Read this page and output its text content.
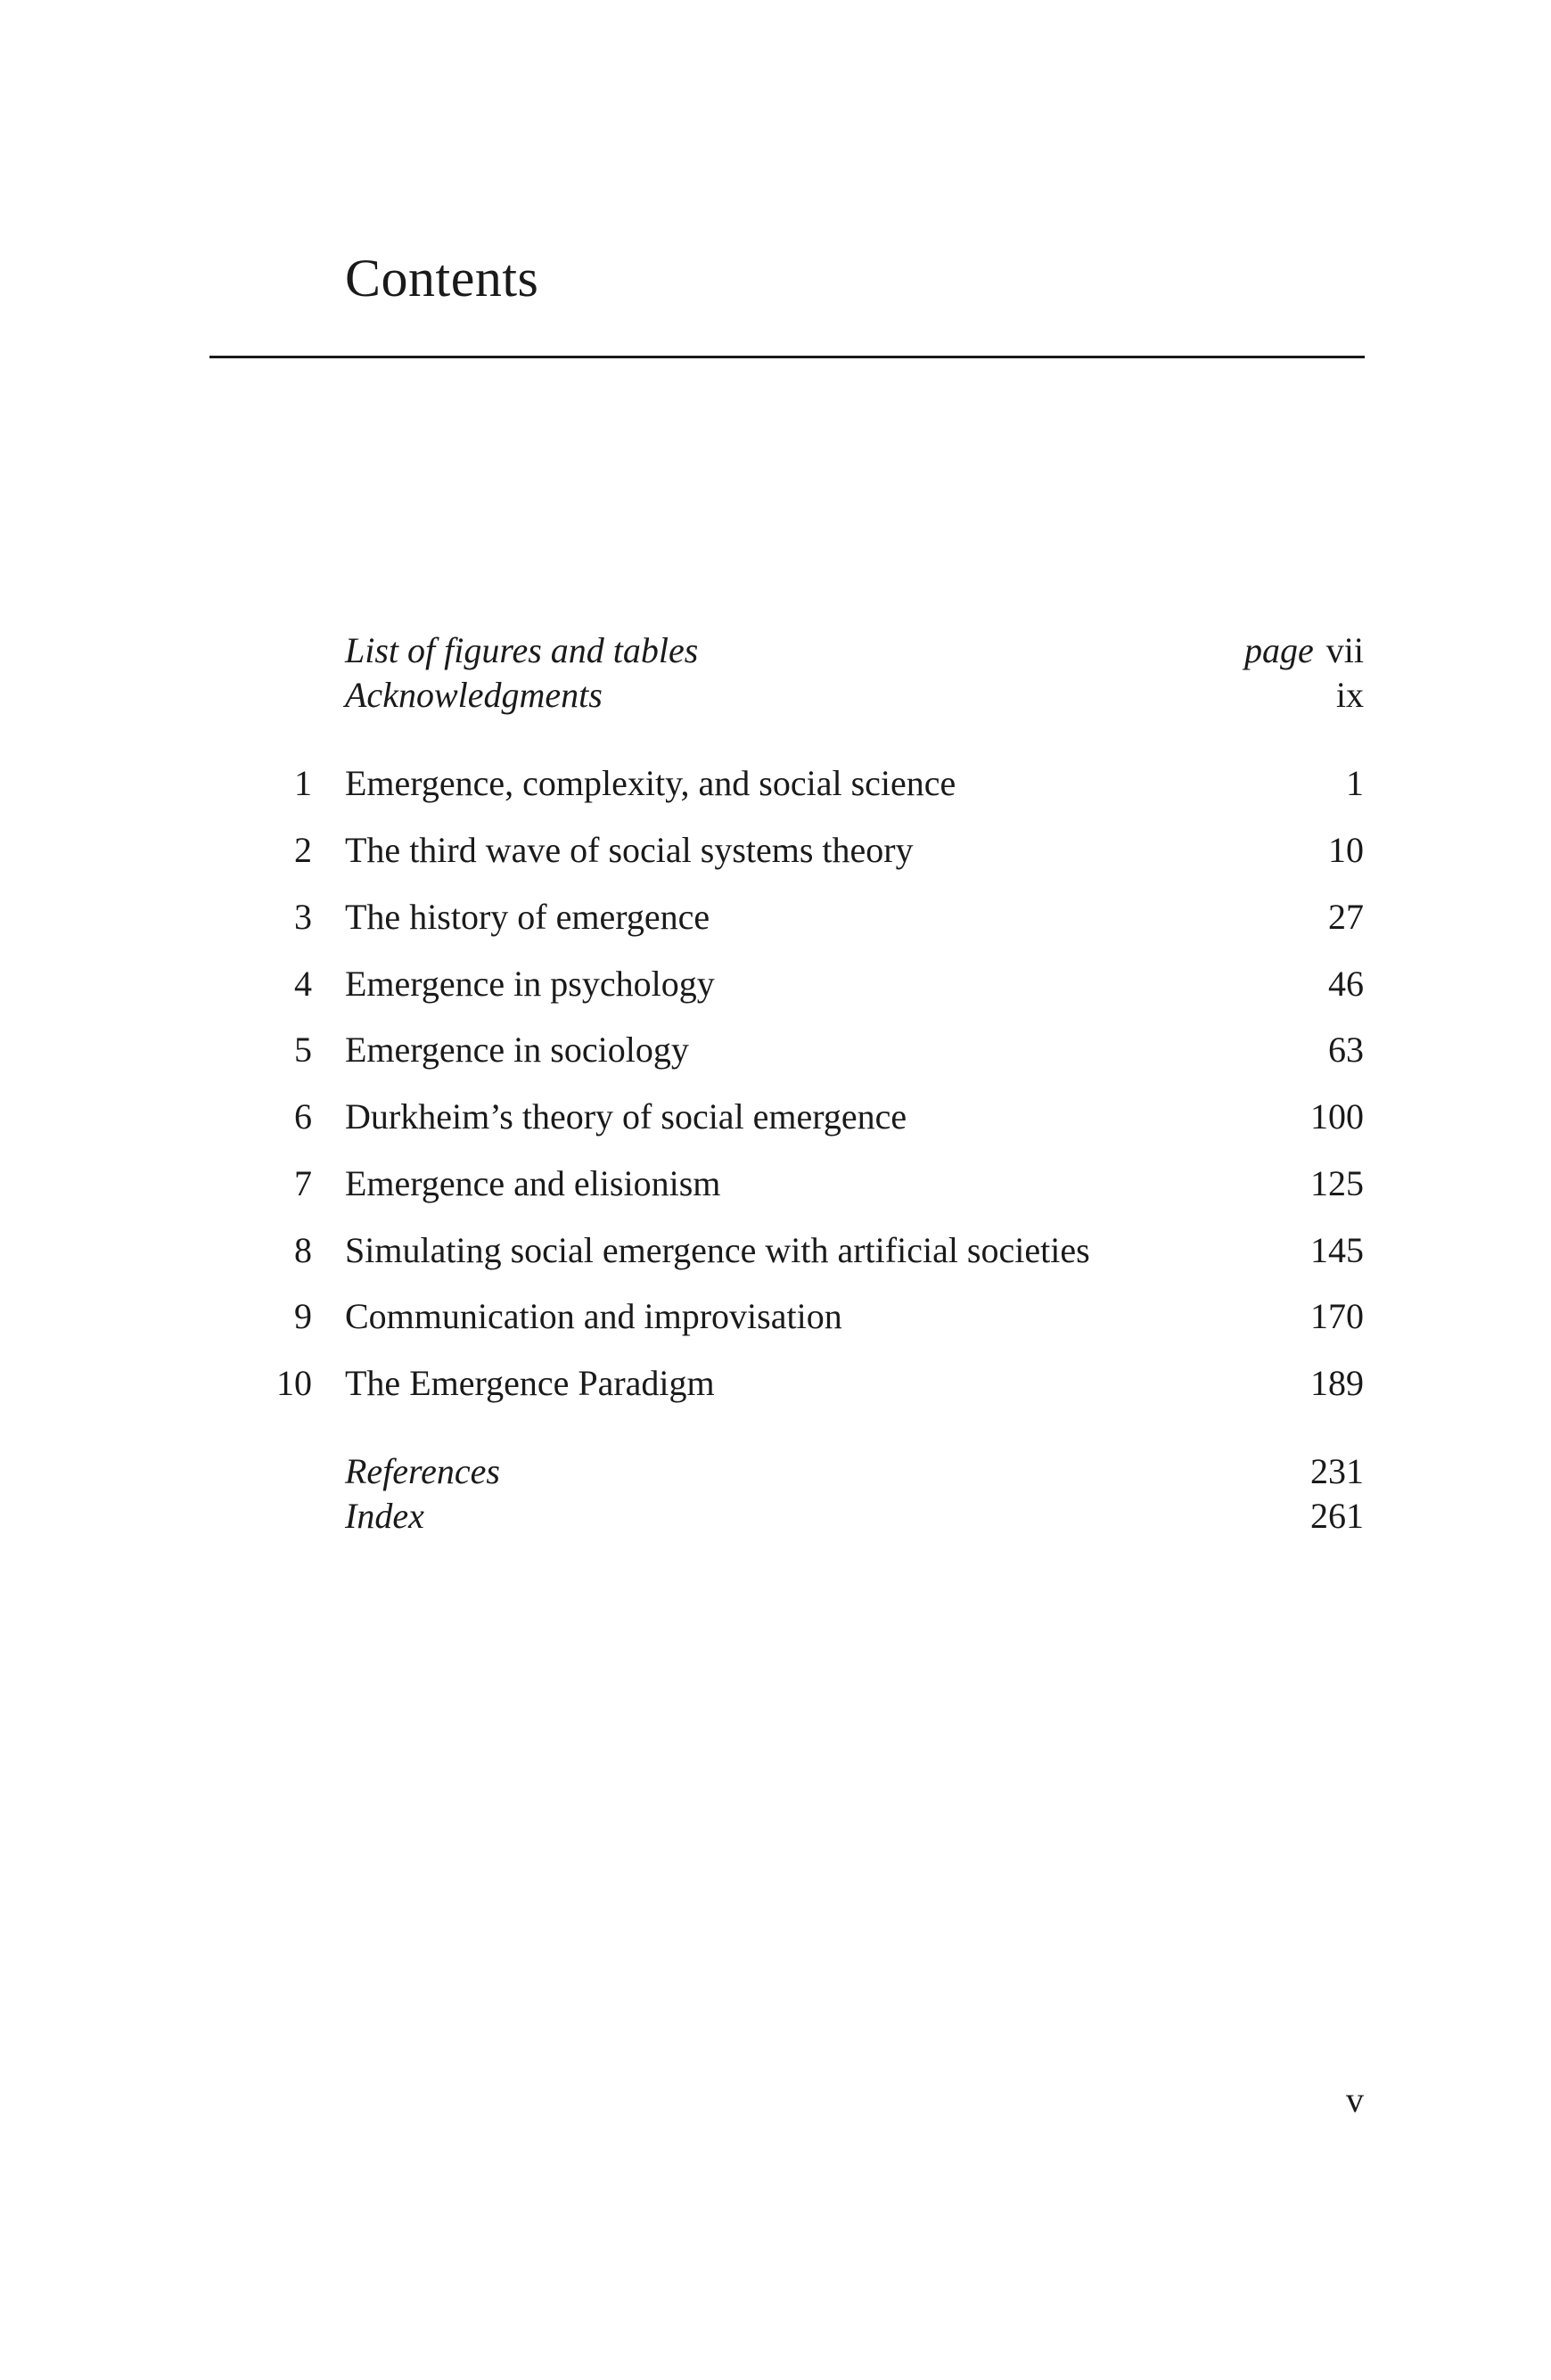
Contents
List of figures and tables	page vii
Acknowledgments	ix
1 Emergence, complexity, and social science	1
2 The third wave of social systems theory	10
3 The history of emergence	27
4 Emergence in psychology	46
5 Emergence in sociology	63
6 Durkheim’s theory of social emergence	100
7 Emergence and elisionism	125
8 Simulating social emergence with artificial societies	145
9 Communication and improvisation	170
10 The Emergence Paradigm	189
References	231
Index	261
v
